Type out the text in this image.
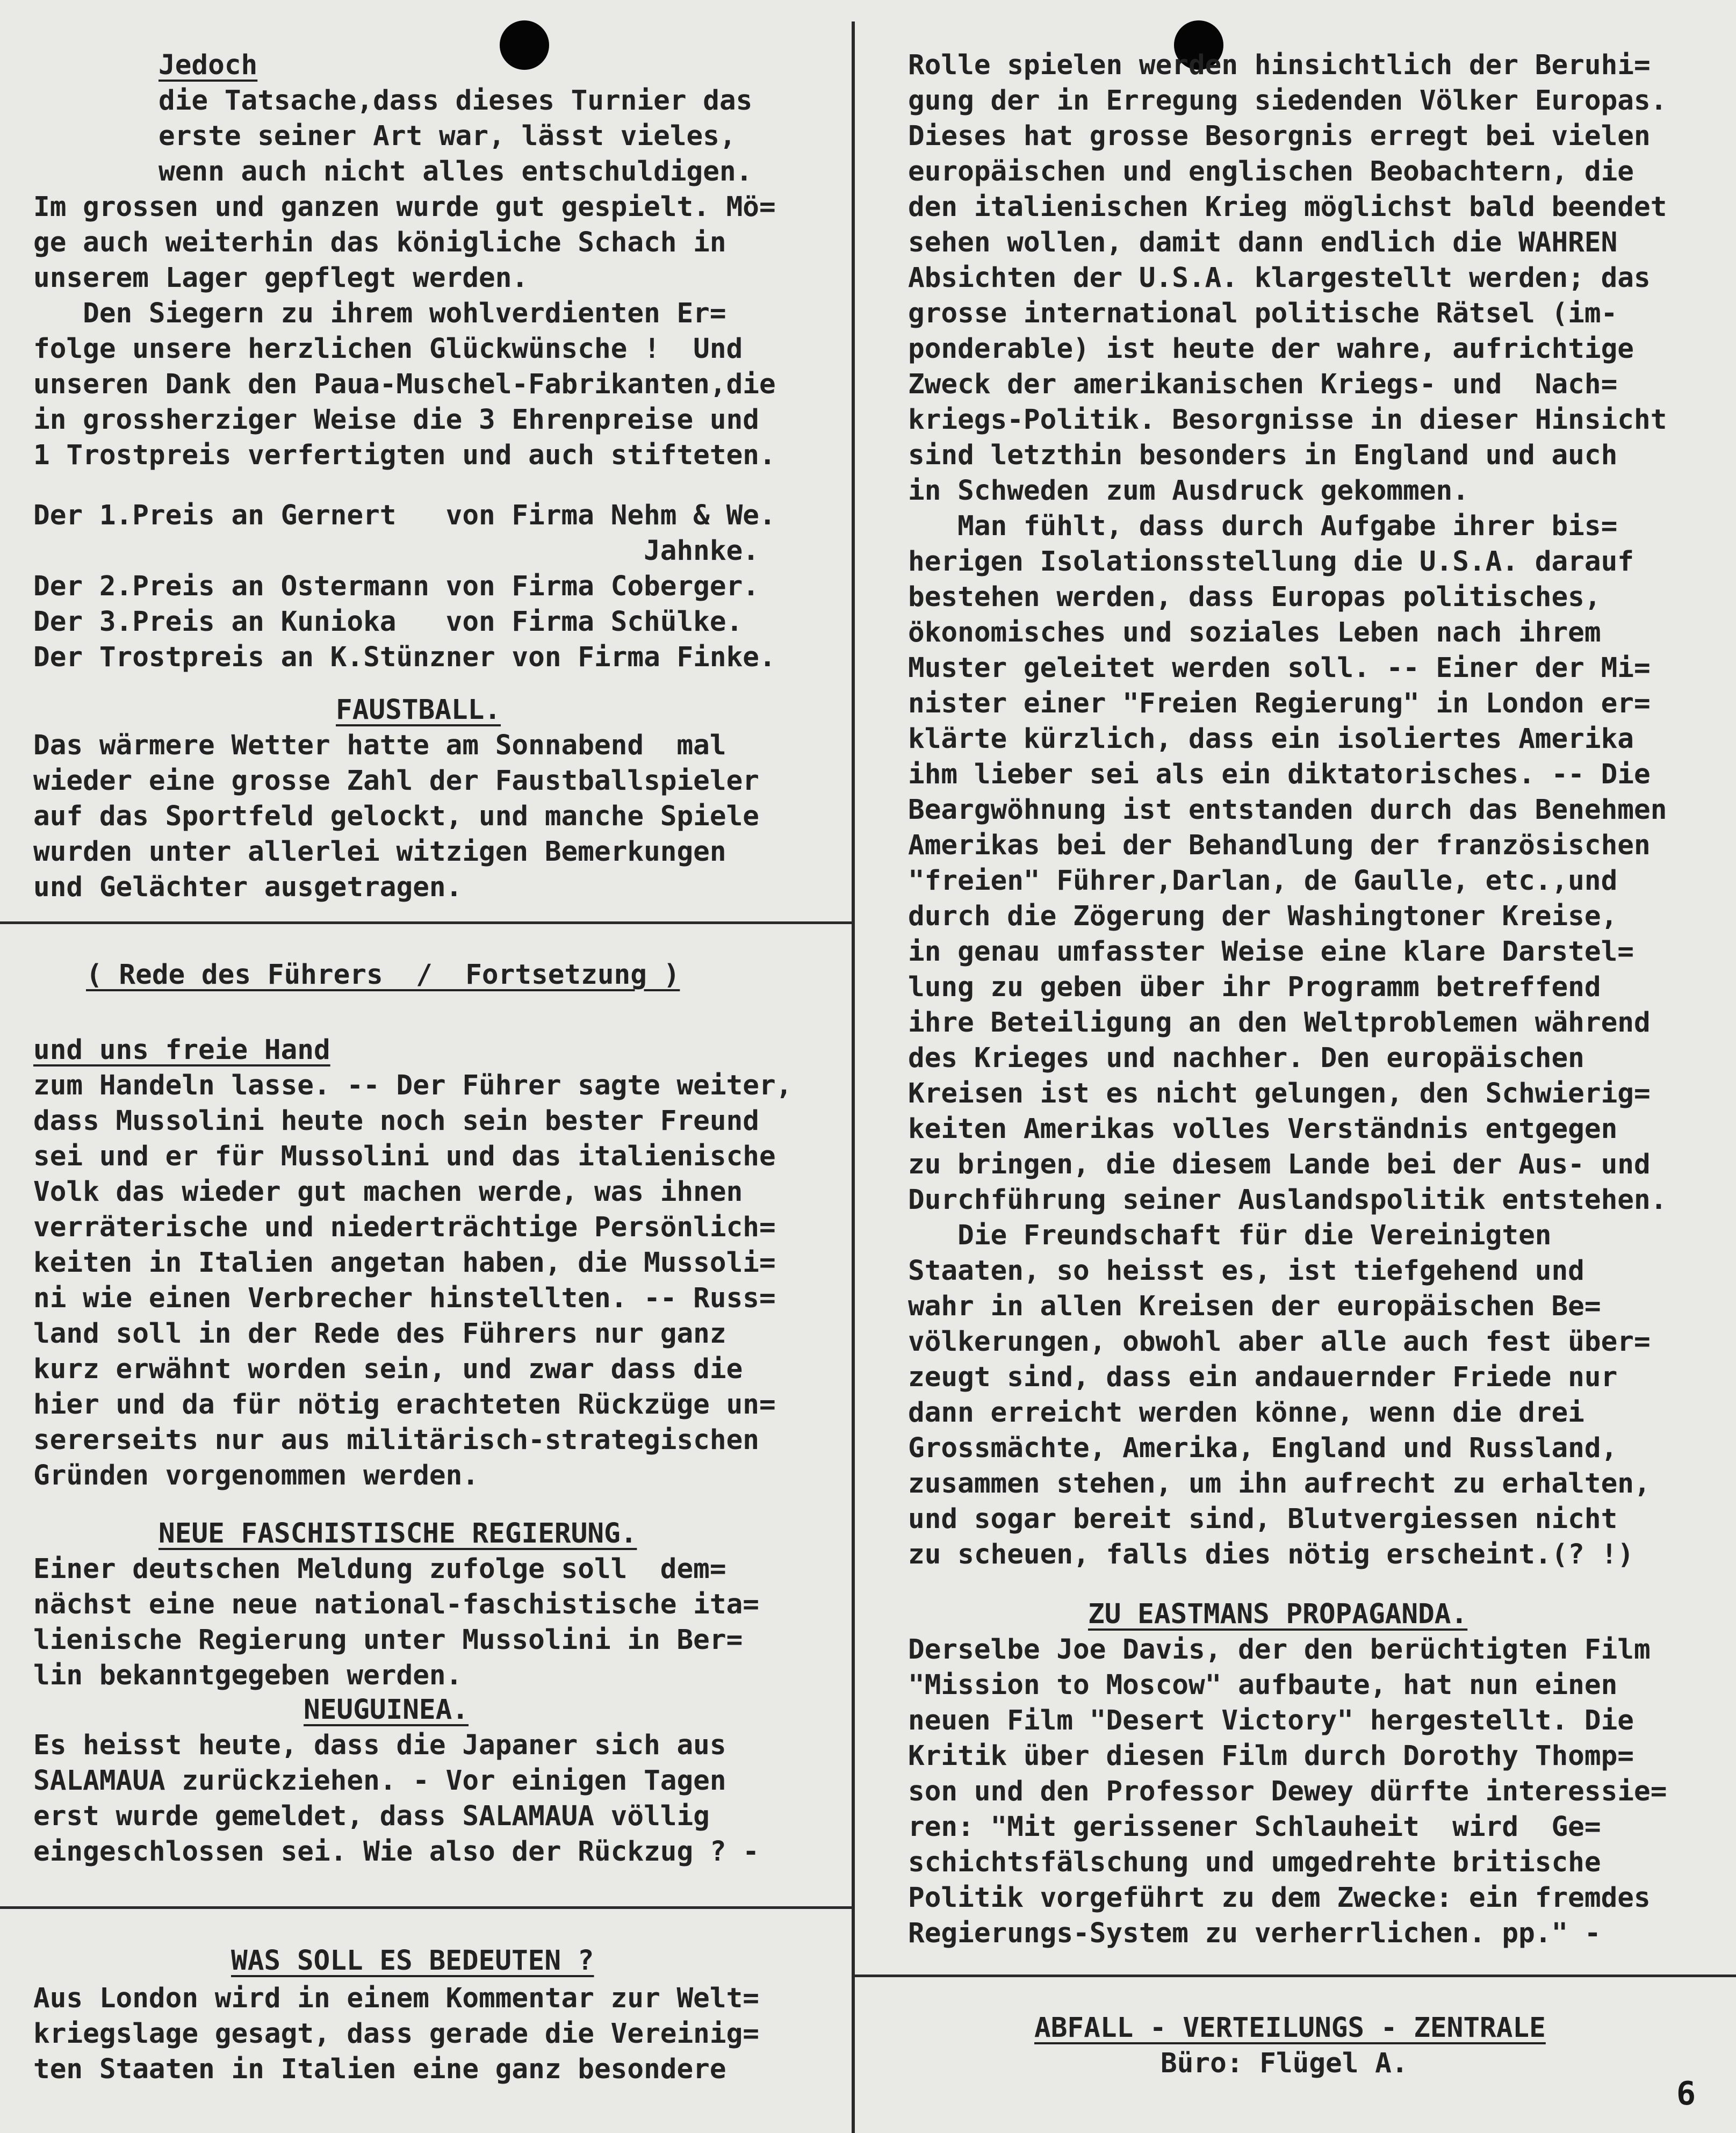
6
Jedoch
die Tatsache,dass dieses Turnier das
erste seiner Art war, lässt vieles,
wenn auch nicht alles entschuldigen.
Im grossen und ganzen wurde gut gespielt. Mö=
ge auch weiterhin das königliche Schach in
unserem Lager gepflegt werden.
Den Siegern zu ihrem wohlverdienten Er=
folge unsere herzlichen Glückwünsche !  Und
unseren Dank den Paua-Muschel-Fabrikanten,die
in grossherziger Weise die 3 Ehrenpreise und
1 Trostpreis verfertigten und auch stifteten.
Der 1.Preis an Gernert   von Firma Nehm & We.
Jahnke.
Der 2.Preis an Ostermann von Firma Coberger.
Der 3.Preis an Kunioka   von Firma Schülke.
Der Trostpreis an K.Stünzner von Firma Finke.
FAUSTBALL.
Das wärmere Wetter hatte am Sonnabend  mal
wieder eine grosse Zahl der Faustballspieler
auf das Sportfeld gelockt, und manche Spiele
wurden unter allerlei witzigen Bemerkungen
und Gelächter ausgetragen.
( Rede des Führers  /  Fortsetzung )
und uns freie Hand
zum Handeln lasse. -- Der Führer sagte weiter,
dass Mussolini heute noch sein bester Freund
sei und er für Mussolini und das italienische
Volk das wieder gut machen werde, was ihnen
verräterische und niederträchtige Persönlich=
keiten in Italien angetan haben, die Mussoli=
ni wie einen Verbrecher hinstellten. -- Russ=
land soll in der Rede des Führers nur ganz
kurz erwähnt worden sein, und zwar dass die
hier und da für nötig erachteten Rückzüge un=
sererseits nur aus militärisch-strategischen
Gründen vorgenommen werden.
NEUE FASCHISTISCHE REGIERUNG.
Einer deutschen Meldung zufolge soll  dem=
nächst eine neue national-faschistische ita=
lienische Regierung unter Mussolini in Ber=
lin bekanntgegeben werden.
NEUGUINEA.
Es heisst heute, dass die Japaner sich aus
SALAMAUA zurückziehen. - Vor einigen Tagen
erst wurde gemeldet, dass SALAMAUA völlig
eingeschlossen sei. Wie also der Rückzug ? -
WAS SOLL ES BEDEUTEN ?
Aus London wird in einem Kommentar zur Welt=
kriegslage gesagt, dass gerade die Vereinig=
ten Staaten in Italien eine ganz besondere
Rolle spielen werden hinsichtlich der Beruhi=
gung der in Erregung siedenden Völker Europas.
Dieses hat grosse Besorgnis erregt bei vielen
europäischen und englischen Beobachtern, die
den italienischen Krieg möglichst bald beendet
sehen wollen, damit dann endlich die WAHREN
Absichten der U.S.A. klargestellt werden; das
grosse international politische Rätsel (im-
ponderable) ist heute der wahre, aufrichtige
Zweck der amerikanischen Kriegs- und  Nach=
kriegs-Politik. Besorgnisse in dieser Hinsicht
sind letzthin besonders in England und auch
in Schweden zum Ausdruck gekommen.
Man fühlt, dass durch Aufgabe ihrer bis=
herigen Isolationsstellung die U.S.A. darauf
bestehen werden, dass Europas politisches,
ökonomisches und soziales Leben nach ihrem
Muster geleitet werden soll. -- Einer der Mi=
nister einer "Freien Regierung" in London er=
klärte kürzlich, dass ein isoliertes Amerika
ihm lieber sei als ein diktatorisches. -- Die
Beargwöhnung ist entstanden durch das Benehmen
Amerikas bei der Behandlung der französischen
"freien" Führer,Darlan, de Gaulle, etc.,und
durch die Zögerung der Washingtoner Kreise,
in genau umfasster Weise eine klare Darstel=
lung zu geben über ihr Programm betreffend
ihre Beteiligung an den Weltproblemen während
des Krieges und nachher. Den europäischen
Kreisen ist es nicht gelungen, den Schwierig=
keiten Amerikas volles Verständnis entgegen
zu bringen, die diesem Lande bei der Aus- und
Durchführung seiner Auslandspolitik entstehen.
Die Freundschaft für die Vereinigten
Staaten, so heisst es, ist tiefgehend und
wahr in allen Kreisen der europäischen Be=
völkerungen, obwohl aber alle auch fest über=
zeugt sind, dass ein andauernder Friede nur
dann erreicht werden könne, wenn die drei
Grossmächte, Amerika, England und Russland,
zusammen stehen, um ihn aufrecht zu erhalten,
und sogar bereit sind, Blutvergiessen nicht
zu scheuen, falls dies nötig erscheint.(? !)
ZU EASTMANS PROPAGANDA.
Derselbe Joe Davis, der den berüchtigten Film
"Mission to Moscow" aufbaute, hat nun einen
neuen Film "Desert Victory" hergestellt. Die
Kritik über diesen Film durch Dorothy Thomp=
son und den Professor Dewey dürfte interessie=
ren: "Mit gerissener Schlauheit  wird  Ge=
schichtsfälschung und umgedrehte britische
Politik vorgeführt zu dem Zwecke: ein fremdes
Regierungs-System zu verherrlichen. pp." -
ABFALL - VERTEILUNGS - ZENTRALE
Büro: Flügel A.
